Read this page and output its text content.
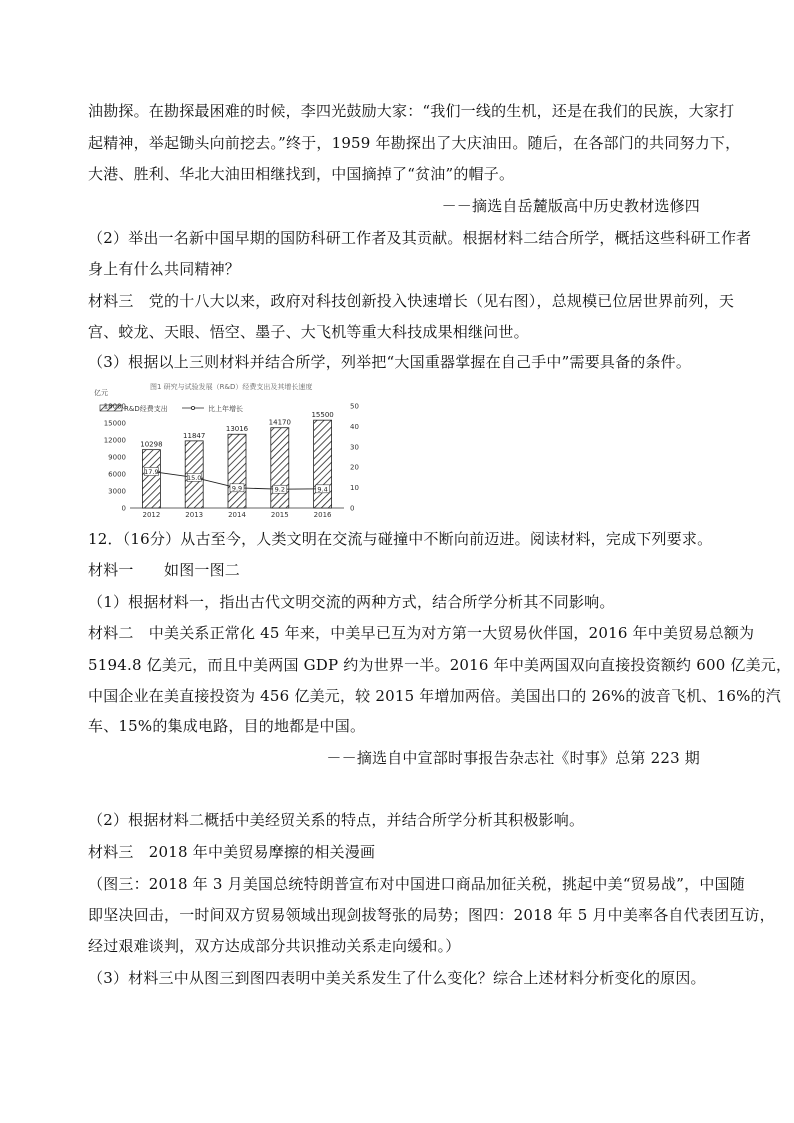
油勘探。在勘探最困难的时候，李四光鼓励大家：“我们一线的生机，还是在我们的民族，大家打
起精神，举起锄头向前挖去。”终于，1959 年勘探出了大庆油田。随后，在各部门的共同努力下，
大港、胜利、华北大油田相继找到，中国摘掉了“贫油”的帽子。
－－摘选自岳麓版高中历史教材选修四
（2）举出一名新中国早期的国防科研工作者及其贡献。根据材料二结合所学，概括这些科研工作者
身上有什么共同精神？
材料三　党的十八大以来，政府对科技创新投入快速增长（见右图），总规模已位居世界前列，天
宫、蛟龙、天眼、悟空、墨子、大飞机等重大科技成果相继问世。
（3）根据以上三则材料并结合所学，列举把“大国重器掌握在自己手中”需要具备的条件。
图1 研究与试验发展（R&D）经费支出及其增长速度
亿元
R&D经费支出	比上年增长
0
3000
6000
9000
12000
15000
18000
0
10
20
30
40
50
10298
11847
13016
14170
15500
17.9
15.0
9.9	9.2	9.4
2012	2013	2014	2015	2016
12．（16分）从古至今，人类文明在交流与碰撞中不断向前迈进。阅读材料，完成下列要求。
材料一　　如图一图二
（1）根据材料一，指出古代文明交流的两种方式，结合所学分析其不同影响。
材料二　中美关系正常化 45 年来，中美早已互为对方第一大贸易伙伴国，2016 年中美贸易总额为
5194.8 亿美元，而且中美两国 GDP 约为世界一半。2016 年中美两国双向直接投资额约 600 亿美元，
中国企业在美直接投资为 456 亿美元，较 2015 年增加两倍。美国出口的 26%的波音飞机、16%的汽
车、15%的集成电路，目的地都是中国。
－－摘选自中宣部时事报告杂志社《时事》总第 223 期
（2）根据材料二概括中美经贸关系的特点，并结合所学分析其积极影响。
材料三　2018 年中美贸易摩擦的相关漫画
（图三：2018 年 3 月美国总统特朗普宣布对中国进口商品加征关税，挑起中美“贸易战”，中国随
即坚决回击，一时间双方贸易领域出现剑拔弩张的局势；图四：2018 年 5 月中美率各自代表团互访，
经过艰难谈判，双方达成部分共识推动关系走向缓和。）
（3）材料三中从图三到图四表明中美关系发生了什么变化？综合上述材料分析变化的原因。
